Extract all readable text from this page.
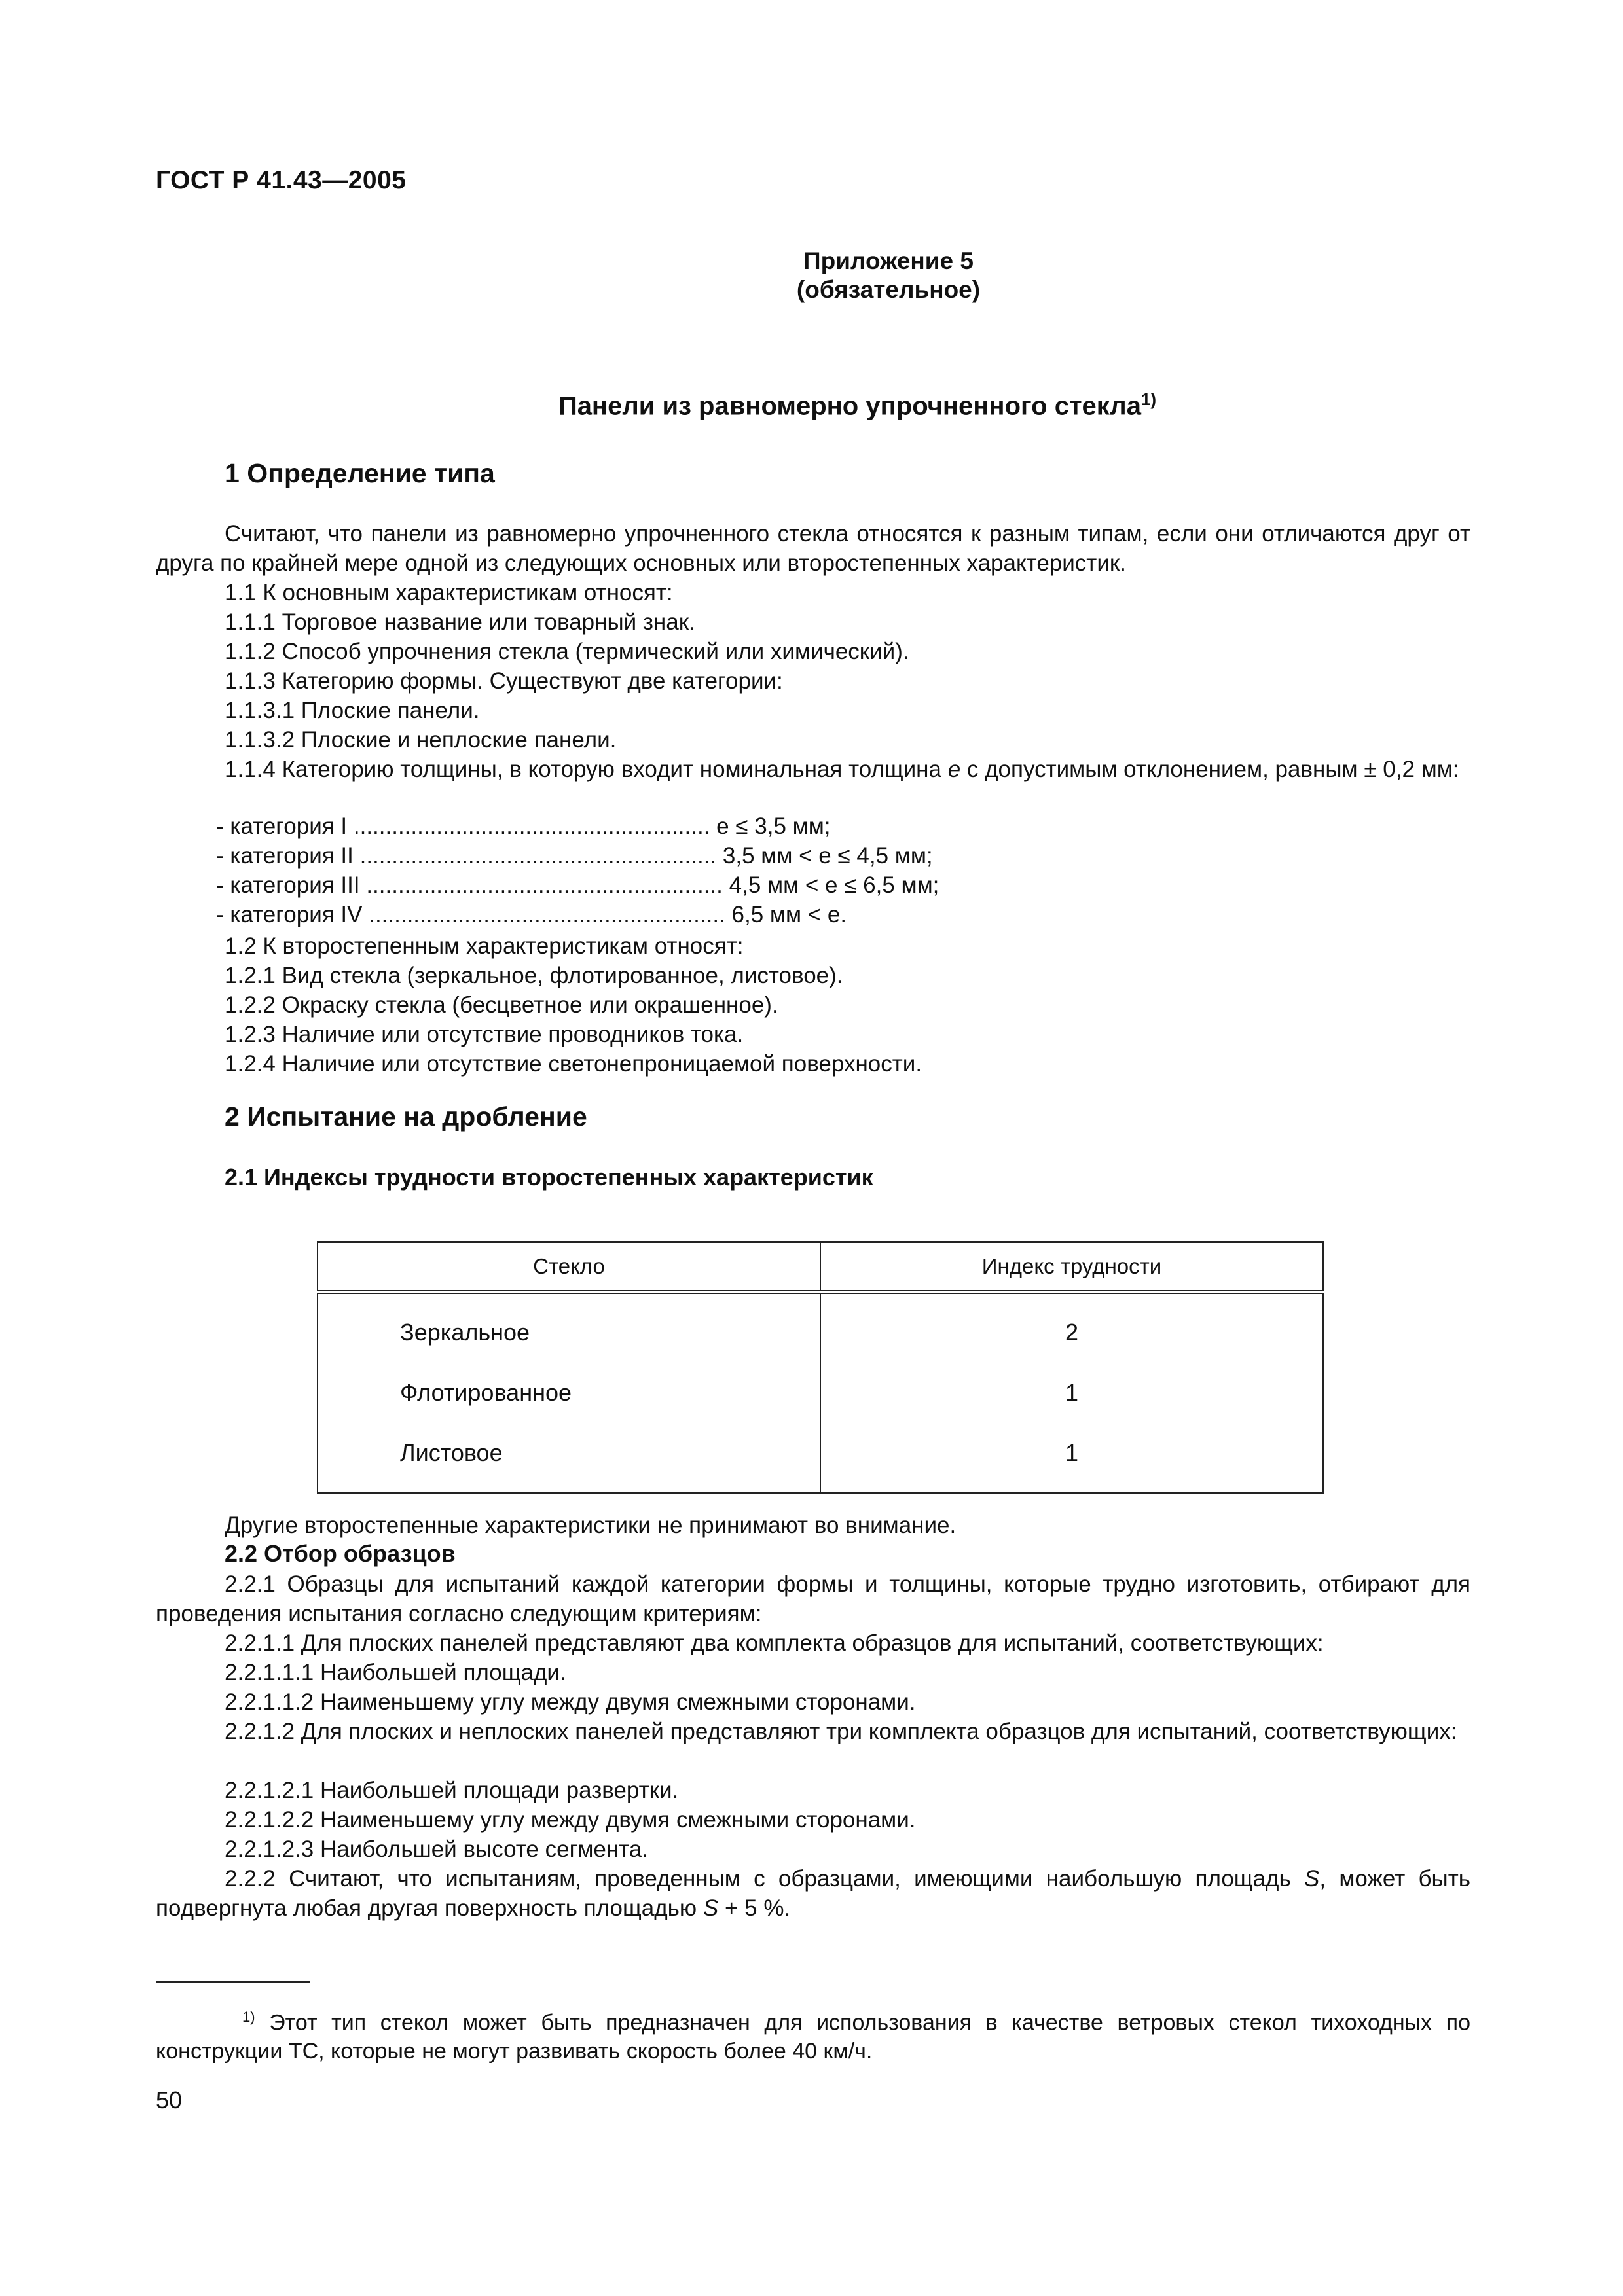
ГОСТ Р 41.43—2005
Приложение 5
(обязательное)
Панели из равномерно упрочненного стекла$^{1)}$
1 Определение типа
Считают, что панели из равномерно упрочненного стекла относятся к разным типам, если они отличаются друг от друга по крайней мере одной из следующих основных или второстепенных характеристик.
1.1 К основным характеристикам относят:
1.1.1 Торговое название или товарный знак.
1.1.2 Способ упрочнения стекла (термический или химический).
1.1.3 Категорию формы. Существуют две категории:
1.1.3.1 Плоские панели.
1.1.3.2 Плоские и неплоские панели.
1.1.4 Категорию толщины, в которую входит номинальная толщина e с допустимым отклонением, равным ± 0,2 мм:
- категория I ........................................................ e ≤ 3,5 мм;
- категория II ........................................................ 3,5 мм < e ≤ 4,5 мм;
- категория III ........................................................ 4,5 мм < e ≤ 6,5 мм;
- категория IV ........................................................ 6,5 мм < e.
1.2 К второстепенным характеристикам относят:
1.2.1 Вид стекла (зеркальное, флотированное, листовое).
1.2.2 Окраску стекла (бесцветное или окрашенное).
1.2.3 Наличие или отсутствие проводников тока.
1.2.4 Наличие или отсутствие светонепроницаемой поверхности.
2 Испытание на дробление
2.1 Индексы трудности второстепенных характеристик
Стекло	Индекс трудности
Зеркальное	2
Флотированное	1
Листовое	1
Другие второстепенные характеристики не принимают во внимание.
2.2 Отбор образцов
2.2.1 Образцы для испытаний каждой категории формы и толщины, которые трудно изготовить, отбирают для проведения испытания согласно следующим критериям:
2.2.1.1 Для плоских панелей представляют два комплекта образцов для испытаний, соответствующих:
2.2.1.1.1 Наибольшей площади.
2.2.1.1.2 Наименьшему углу между двумя смежными сторонами.
2.2.1.2 Для плоских и неплоских панелей представляют три комплекта образцов для испытаний, соответствующих:
2.2.1.2.1 Наибольшей площади развертки.
2.2.1.2.2 Наименьшему углу между двумя смежными сторонами.
2.2.1.2.3 Наибольшей высоте сегмента.
2.2.2 Считают, что испытаниям, проведенным с образцами, имеющими наибольшую площадь S, может быть подвергнута любая другая поверхность площадью S + 5 %.
$^{1)}$ Этот тип стекол может быть предназначен для использования в качестве ветровых стекол тихоходных по конструкции ТС, которые не могут развивать скорость более 40 км/ч.
50
